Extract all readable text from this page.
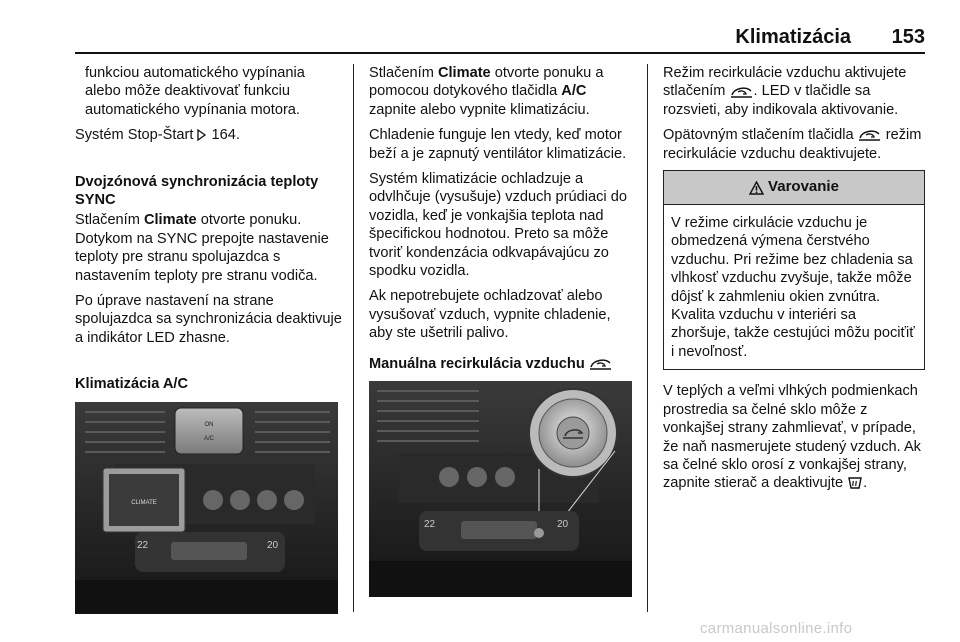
Klimatizácia 153
funkciou automatického vypínania alebo môže deaktivovať funkciu automatického vypínania motora.
Systém Stop-Štart 164.
Dvojzónová synchronizácia teploty SYNC
Stlačením Climate otvorte ponuku. Dotykom na SYNC prepojte nastavenie teploty pre stranu spolujazdca s nastavením teploty pre stranu vodiča.
Po úprave nastavení na strane spolujazdca sa synchronizácia deaktivuje a indikátor LED zhasne.
Klimatizácia A/C
ON
A/C
CLIMATE
22	20
Stlačením Climate otvorte ponuku a pomocou dotykového tlačidla A/C zapnite alebo vypnite klimatizáciu.
Chladenie funguje len vtedy, keď motor beží a je zapnutý ventilátor klimatizácie.
Systém klimatizácie ochladzuje a odvlhčuje (vysušuje) vzduch prúdiaci do vozidla, keď je vonkajšia teplota nad špecifickou hodnotou. Preto sa môže tvoriť kondenzácia odkvapávajúcu zo spodku vozidla.
Ak nepotrebujete ochladzovať alebo vysušovať vzduch, vypnite chladenie, aby ste ušetrili palivo.
Manuálna recirkulácia vzduchu
22	20
Režim recirkulácie vzduchu aktivujete stlačením . LED v tlačidle sa rozsvieti, aby indikovala aktivovanie.
Opätovným stlačením tlačidla režim recirkulácie vzduchu deaktivujete.
Varovanie
V režime cirkulácie vzduchu je obmedzená výmena čerstvého vzduchu. Pri režime bez chladenia sa vlhkosť vzduchu zvyšuje, takže môže dôjsť k zahmleniu okien zvnútra. Kvalita vzduchu v interiéri sa zhoršuje, takže cestujúci môžu pociťiť i nevoľnosť.
V teplých a veľmi vlhkých podmienkach prostredia sa čelné sklo môže z vonkajšej strany zahmlievať, v prípade, že naň nasmerujete studený vzduch. Ak sa čelné sklo orosí z vonkajšej strany, zapnite stierač a deaktivujte .
carmanualsonline.info
